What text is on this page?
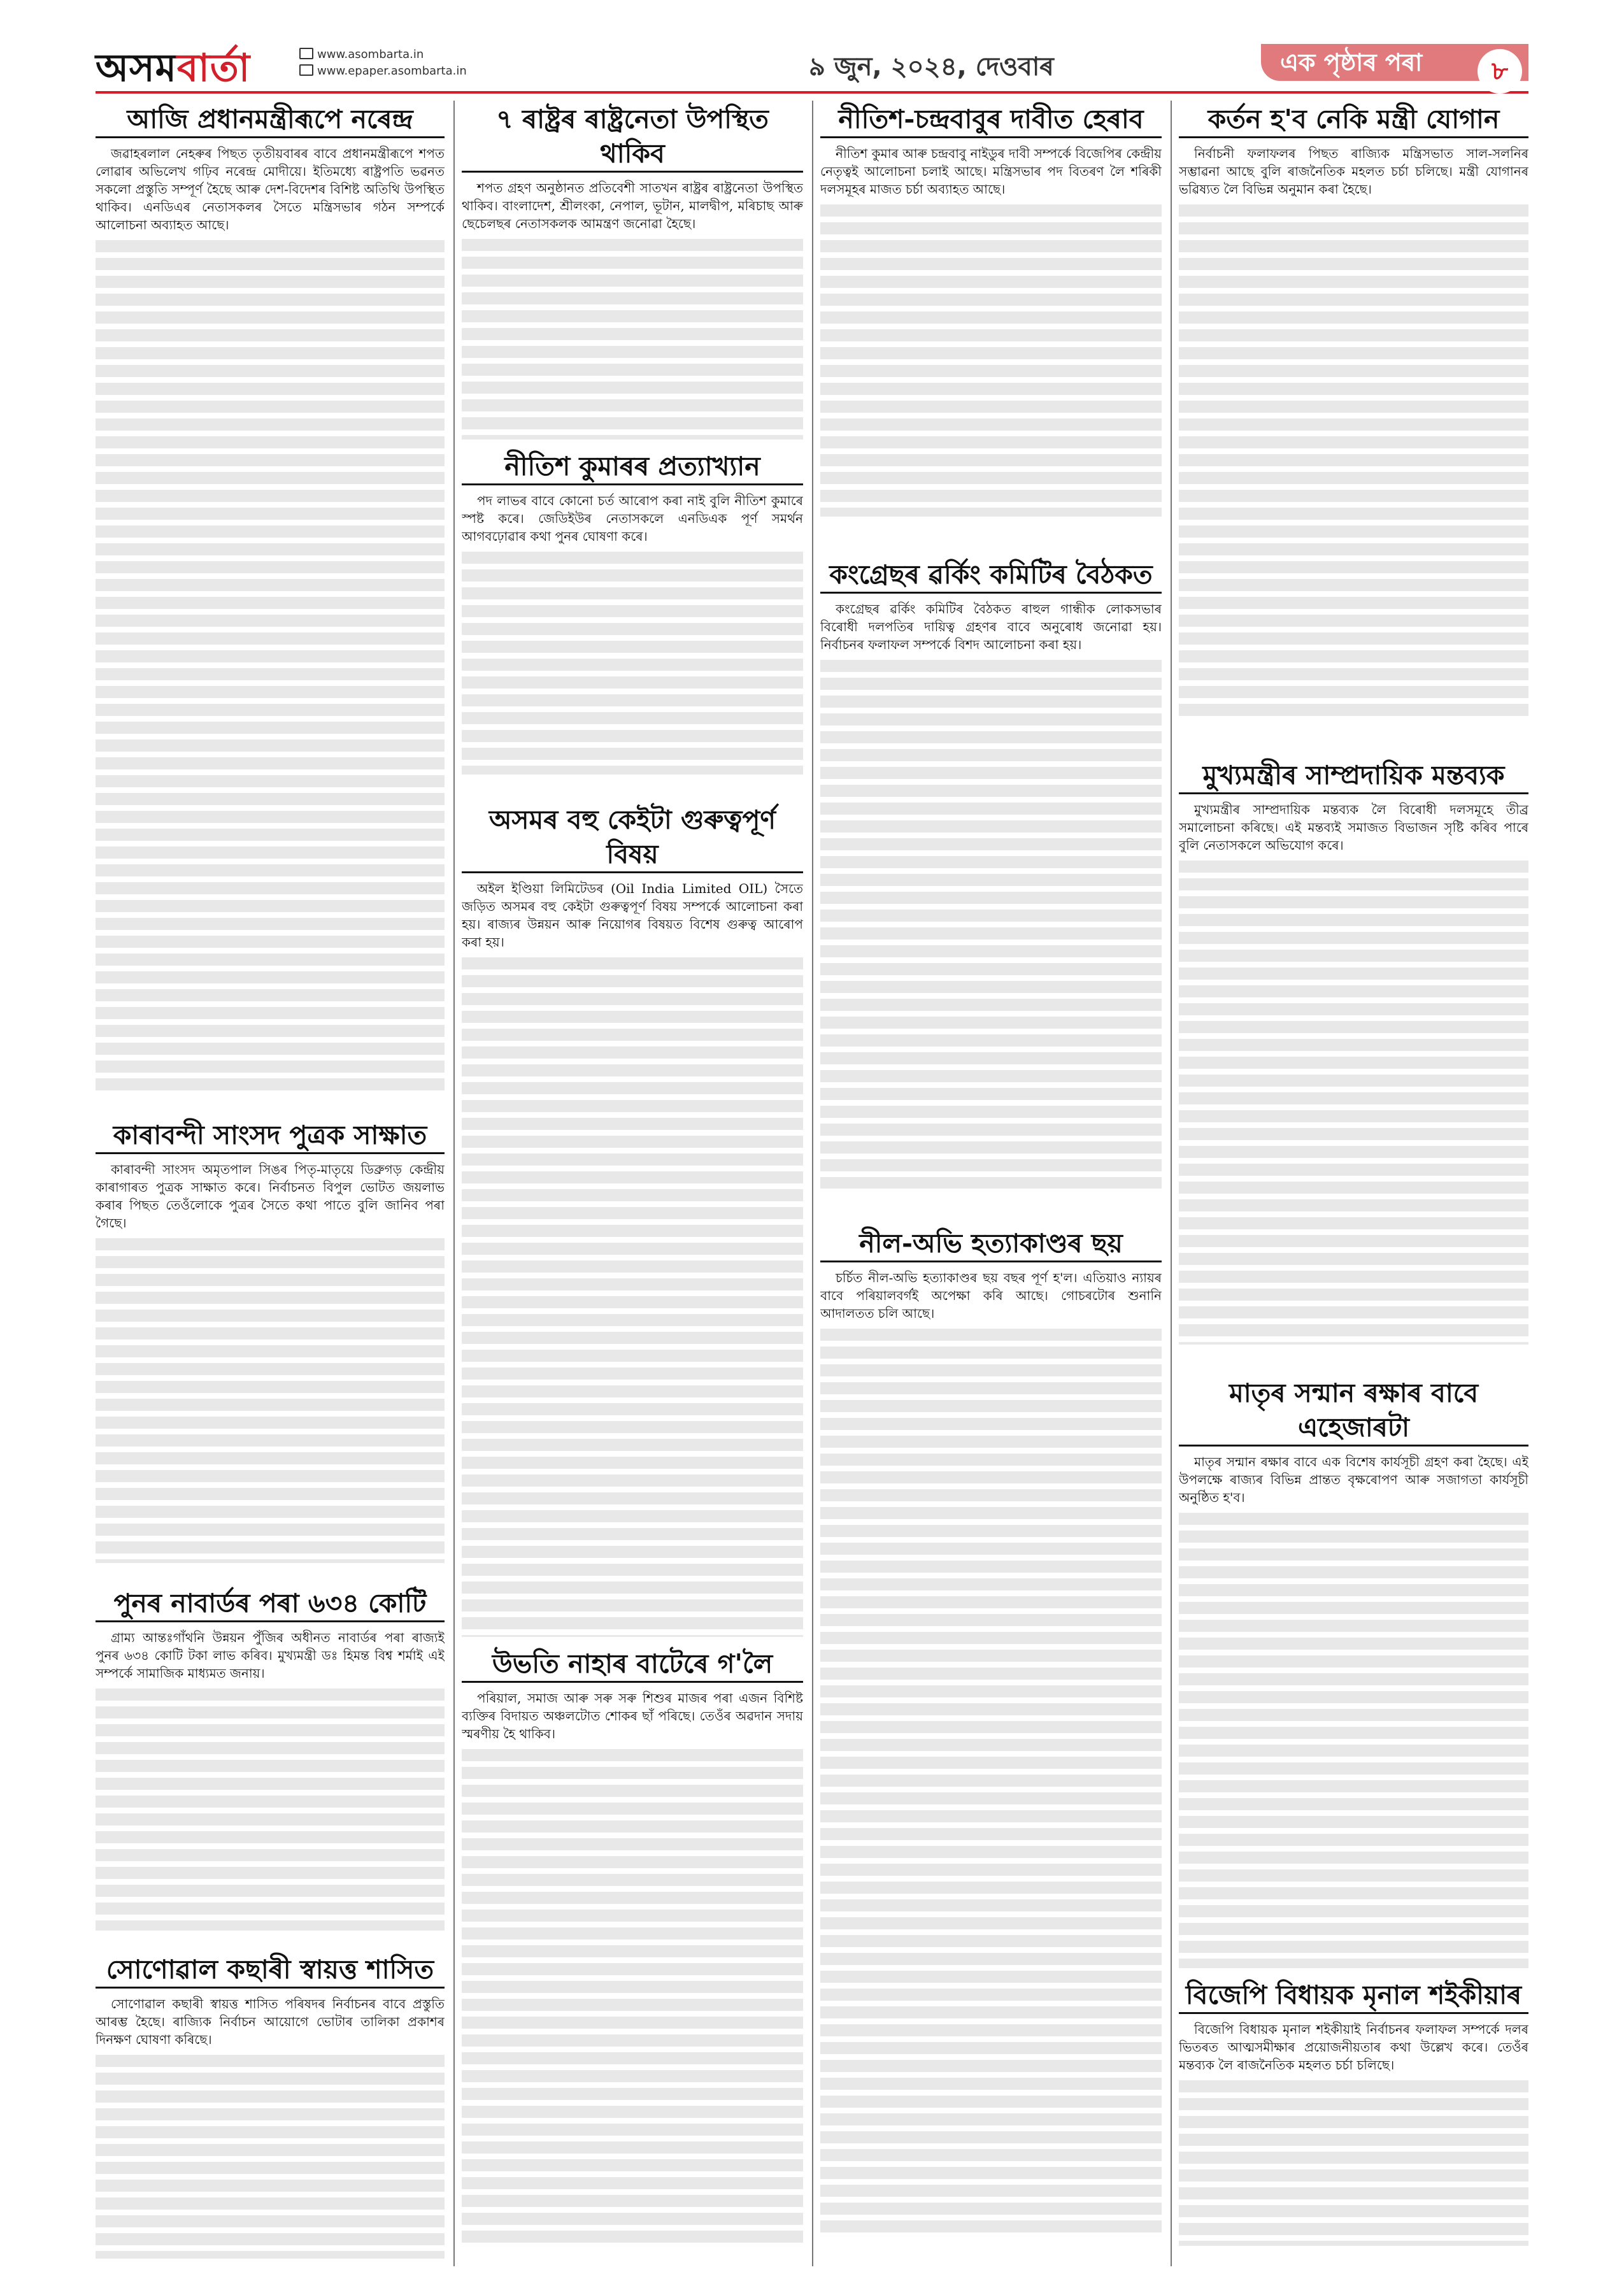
অসমবাৰ্তা	www.asombarta.in
www.epaper.asombarta.in	৯ জুন, ২০২৪, দেওবাৰ	এক পৃষ্ঠাৰ পৰা	৮
আজি প্ৰধানমন্ত্ৰীৰূপে নৰেন্দ্ৰ

জৱাহৰলাল নেহৰুৰ পিছত তৃতীয়বাৰৰ বাবে প্ৰধানমন্ত্ৰীৰূপে শপত লোৱাৰ অভিলেখ গঢ়িব নৰেন্দ্ৰ মোদীয়ে। ইতিমধ্যে ৰাষ্ট্ৰপতি ভৱনত সকলো প্ৰস্তুতি সম্পূৰ্ণ হৈছে আৰু দেশ-বিদেশৰ বিশিষ্ট অতিথি উপস্থিত থাকিব। এনডিএৰ নেতাসকলৰ সৈতে মন্ত্ৰিসভাৰ গঠন সম্পৰ্কে আলোচনা অব্যাহত আছে।

কাৰাবন্দী সাংসদ পুত্ৰক সাক্ষাত

কাৰাবন্দী সাংসদ অমৃতপাল সিঙৰ পিতৃ-মাতৃয়ে ডিব্ৰুগড় কেন্দ্ৰীয় কাৰাগাৰত পুত্ৰক সাক্ষাত কৰে। নিৰ্বাচনত বিপুল ভোটত জয়লাভ কৰাৰ পিছত তেওঁলোকে পুত্ৰৰ সৈতে কথা পাতে বুলি জানিব পৰা গৈছে।

পুনৰ নাবাৰ্ডৰ পৰা ৬৩৪ কোটি

গ্ৰাম্য আন্তঃগাঁথনি উন্নয়ন পুঁজিৰ অধীনত নাবাৰ্ডৰ পৰা ৰাজ্যই পুনৰ ৬৩৪ কোটি টকা লাভ কৰিব। মুখ্যমন্ত্ৰী ডঃ হিমন্ত বিশ্ব শৰ্মাই এই সম্পৰ্কে সামাজিক মাধ্যমত জনায়।

সোণোৱাল কছাৰী স্বায়ত্ত শাসিত

সোণোৱাল কছাৰী স্বায়ত্ত শাসিত পৰিষদৰ নিৰ্বাচনৰ বাবে প্ৰস্তুতি আৰম্ভ হৈছে। ৰাজ্যিক নিৰ্বাচন আয়োগে ভোটাৰ তালিকা প্ৰকাশৰ দিনক্ষণ ঘোষণা কৰিছে।

৭ ৰাষ্ট্ৰৰ ৰাষ্ট্ৰনেতা উপস্থিত থাকিব

শপত গ্ৰহণ অনুষ্ঠানত প্ৰতিবেশী সাতখন ৰাষ্ট্ৰৰ ৰাষ্ট্ৰনেতা উপস্থিত থাকিব। বাংলাদেশ, শ্ৰীলংকা, নেপাল, ভূটান, মালদ্বীপ, মৰিচাছ আৰু ছেচেলছৰ নেতাসকলক আমন্ত্ৰণ জনোৱা হৈছে।

নীতিশ কুমাৰৰ প্ৰত্যাখ্যান

পদ লাভৰ বাবে কোনো চৰ্ত আৰোপ কৰা নাই বুলি নীতিশ কুমাৰে স্পষ্ট কৰে। জেডিইউৰ নেতাসকলে এনডিএক পূৰ্ণ সমৰ্থন আগবঢ়োৱাৰ কথা পুনৰ ঘোষণা কৰে।

অসমৰ বহু কেইটা গুৰুত্বপূৰ্ণ বিষয়

অইল ইণ্ডিয়া লিমিটেডৰ (Oil India Limited OIL) সৈতে জড়িত অসমৰ বহু কেইটা গুৰুত্বপূৰ্ণ বিষয় সম্পৰ্কে আলোচনা কৰা হয়। ৰাজ্যৰ উন্নয়ন আৰু নিয়োগৰ বিষয়ত বিশেষ গুৰুত্ব আৰোপ কৰা হয়।

উভতি নাহাৰ বাটেৰে গ'লৈ

পৰিয়াল, সমাজ আৰু সৰু সৰু শিশুৰ মাজৰ পৰা এজন বিশিষ্ট ব্যক্তিৰ বিদায়ত অঞ্চলটোত শোকৰ ছাঁ পৰিছে। তেওঁৰ অৱদান সদায় স্মৰণীয় হৈ থাকিব।

নীতিশ-চন্দ্ৰবাবুৰ দাবীত হেৰাব

নীতিশ কুমাৰ আৰু চন্দ্ৰবাবু নাইডুৰ দাবী সম্পৰ্কে বিজেপিৰ কেন্দ্ৰীয় নেতৃত্বই আলোচনা চলাই আছে। মন্ত্ৰিসভাৰ পদ বিতৰণ লৈ শৰিকী দলসমূহৰ মাজত চৰ্চা অব্যাহত আছে।

কংগ্ৰেছৰ ৱৰ্কিং কমিটিৰ বৈঠকত

কংগ্ৰেছৰ ৱৰ্কিং কমিটিৰ বৈঠকত ৰাহুল গান্ধীক লোকসভাৰ বিৰোধী দলপতিৰ দায়িত্ব গ্ৰহণৰ বাবে অনুৰোধ জনোৱা হয়। নিৰ্বাচনৰ ফলাফল সম্পৰ্কে বিশদ আলোচনা কৰা হয়।

নীল-অভি হত্যাকাণ্ডৰ ছয়

চৰ্চিত নীল-অভি হত্যাকাণ্ডৰ ছয় বছৰ পূৰ্ণ হ'ল। এতিয়াও ন্যায়ৰ বাবে পৰিয়ালবৰ্গই অপেক্ষা কৰি আছে। গোচৰটোৰ শুনানি আদালতত চলি আছে।

কৰ্তন হ'ব নেকি মন্ত্ৰী যোগান

নিৰ্বাচনী ফলাফলৰ পিছত ৰাজ্যিক মন্ত্ৰিসভাত সাল-সলনিৰ সম্ভাৱনা আছে বুলি ৰাজনৈতিক মহলত চৰ্চা চলিছে। মন্ত্ৰী যোগানৰ ভৱিষ্যত লৈ বিভিন্ন অনুমান কৰা হৈছে।

মুখ্যমন্ত্ৰীৰ সাম্প্ৰদায়িক মন্তব্যক

মুখ্যমন্ত্ৰীৰ সাম্প্ৰদায়িক মন্তব্যক লৈ বিৰোধী দলসমূহে তীব্ৰ সমালোচনা কৰিছে। এই মন্তব্যই সমাজত বিভাজন সৃষ্টি কৰিব পাৰে বুলি নেতাসকলে অভিযোগ কৰে।

মাতৃৰ সন্মান ৰক্ষাৰ বাবে এহেজাৰটা

মাতৃৰ সন্মান ৰক্ষাৰ বাবে এক বিশেষ কাৰ্যসূচী গ্ৰহণ কৰা হৈছে। এই উপলক্ষে ৰাজ্যৰ বিভিন্ন প্ৰান্তত বৃক্ষৰোপণ আৰু সজাগতা কাৰ্যসূচী অনুষ্ঠিত হ'ব।

বিজেপি বিধায়ক মৃনাল শইকীয়াৰ

বিজেপি বিধায়ক মৃনাল শইকীয়াই নিৰ্বাচনৰ ফলাফল সম্পৰ্কে দলৰ ভিতৰত আত্মসমীক্ষাৰ প্ৰয়োজনীয়তাৰ কথা উল্লেখ কৰে। তেওঁৰ মন্তব্যক লৈ ৰাজনৈতিক মহলত চৰ্চা চলিছে।
